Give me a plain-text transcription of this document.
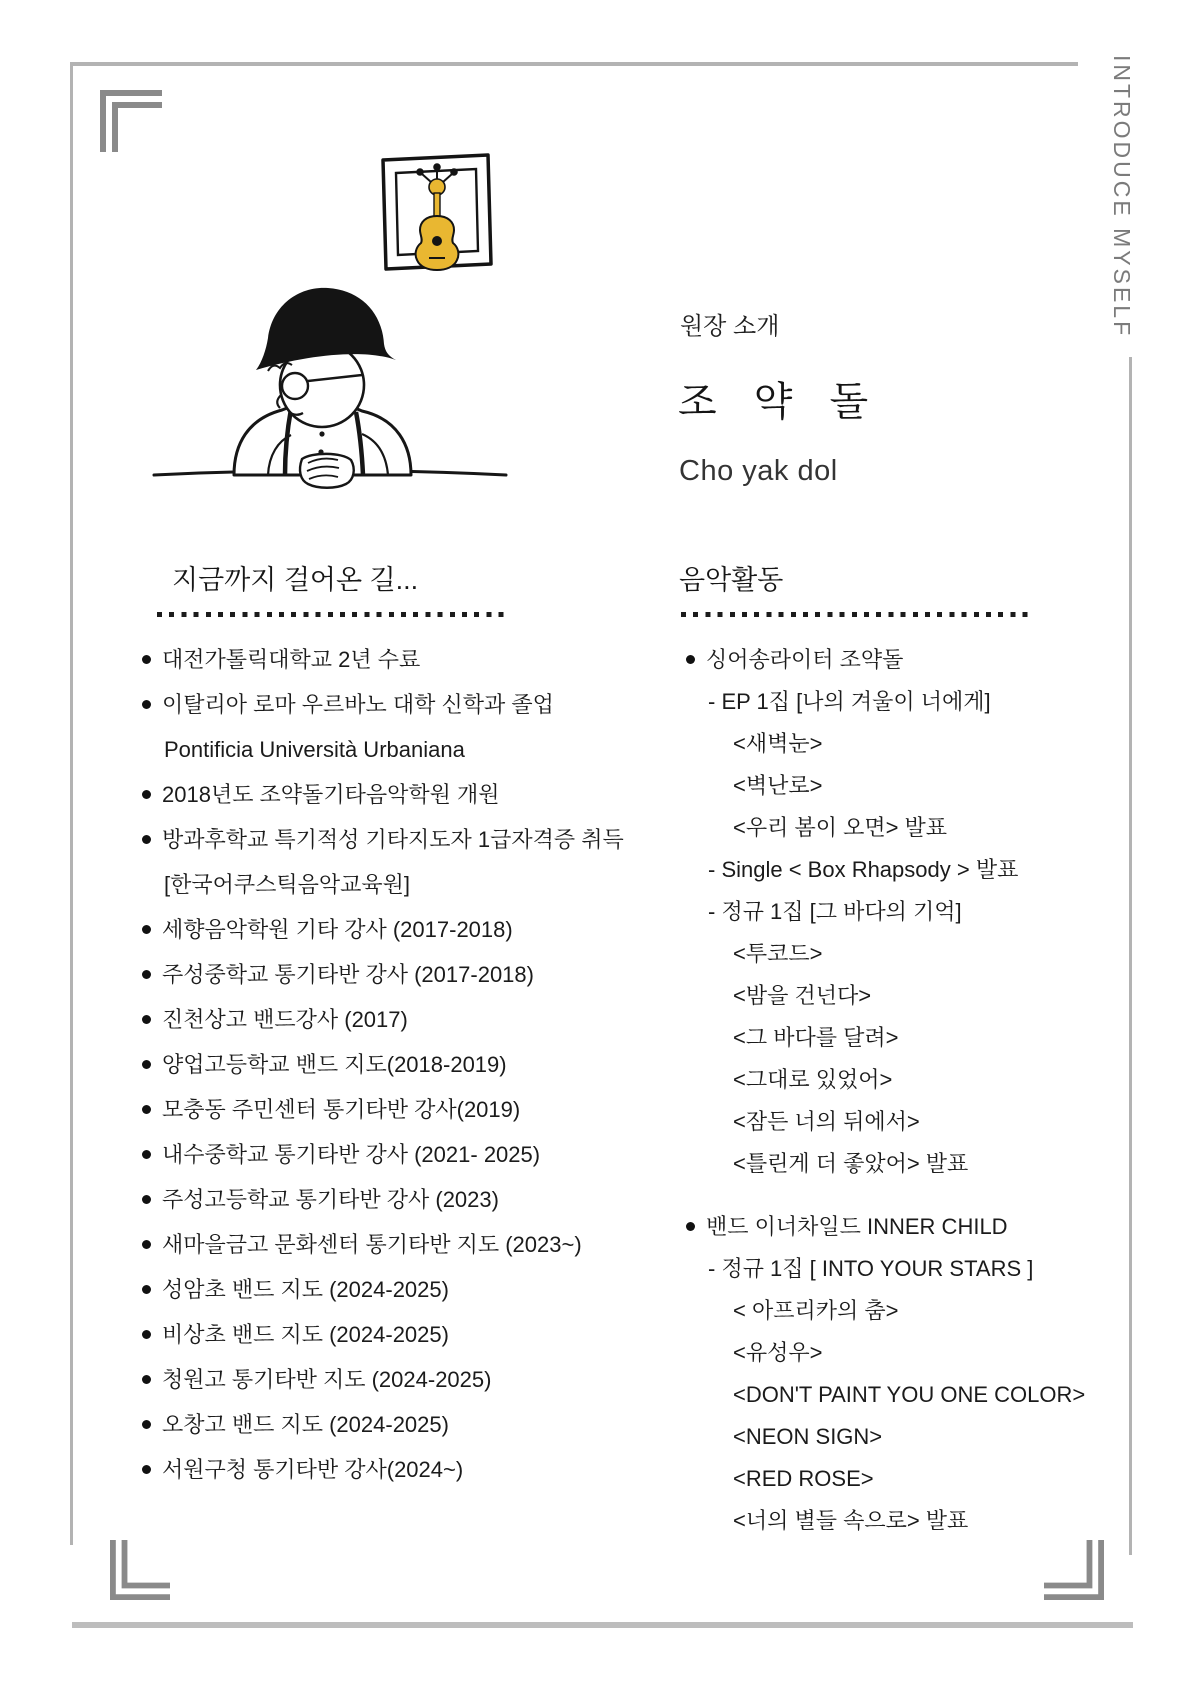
INTRODUCE MYSELF
원장 소개
조 약 돌
Cho yak dol
지금까지 걸어온 길...
대전가톨릭대학교 2년 수료
이탈리아 로마 우르바노 대학 신학과 졸업
Pontificia Università Urbaniana
2018년도 조약돌기타음악학원 개원
방과후학교 특기적성 기타지도자 1급자격증 취득
[한국어쿠스틱음악교육원]
세향음악학원 기타 강사 (2017-2018)
주성중학교 통기타반 강사 (2017-2018)
진천상고 밴드강사 (2017)
양업고등학교 밴드 지도(2018-2019)
모충동 주민센터 통기타반 강사(2019)
내수중학교 통기타반 강사 (2021- 2025)
주성고등학교 통기타반 강사 (2023)
새마을금고 문화센터 통기타반 지도 (2023~)
성암초 밴드 지도 (2024-2025)
비상초 밴드 지도 (2024-2025)
청원고 통기타반 지도 (2024-2025)
오창고 밴드 지도 (2024-2025)
서원구청 통기타반 강사(2024~)
음악활동
싱어송라이터 조약돌
- EP 1집 [나의 겨울이 너에게]
<새벽눈>
<벽난로>
<우리 봄이 오면> 발표
- Single < Box Rhapsody > 발표
- 정규 1집 [그 바다의 기억]
<투코드>
<밤을 건넌다>
<그 바다를 달려>
<그대로 있었어>
<잠든 너의 뒤에서>
<틀린게 더 좋았어> 발표
밴드 이너차일드 INNER CHILD
- 정규 1집 [ INTO YOUR STARS ]
< 아프리카의 춤>
<유성우>
<DON'T PAINT YOU ONE COLOR>
<NEON SIGN>
<RED ROSE>
<너의 별들 속으로> 발표
